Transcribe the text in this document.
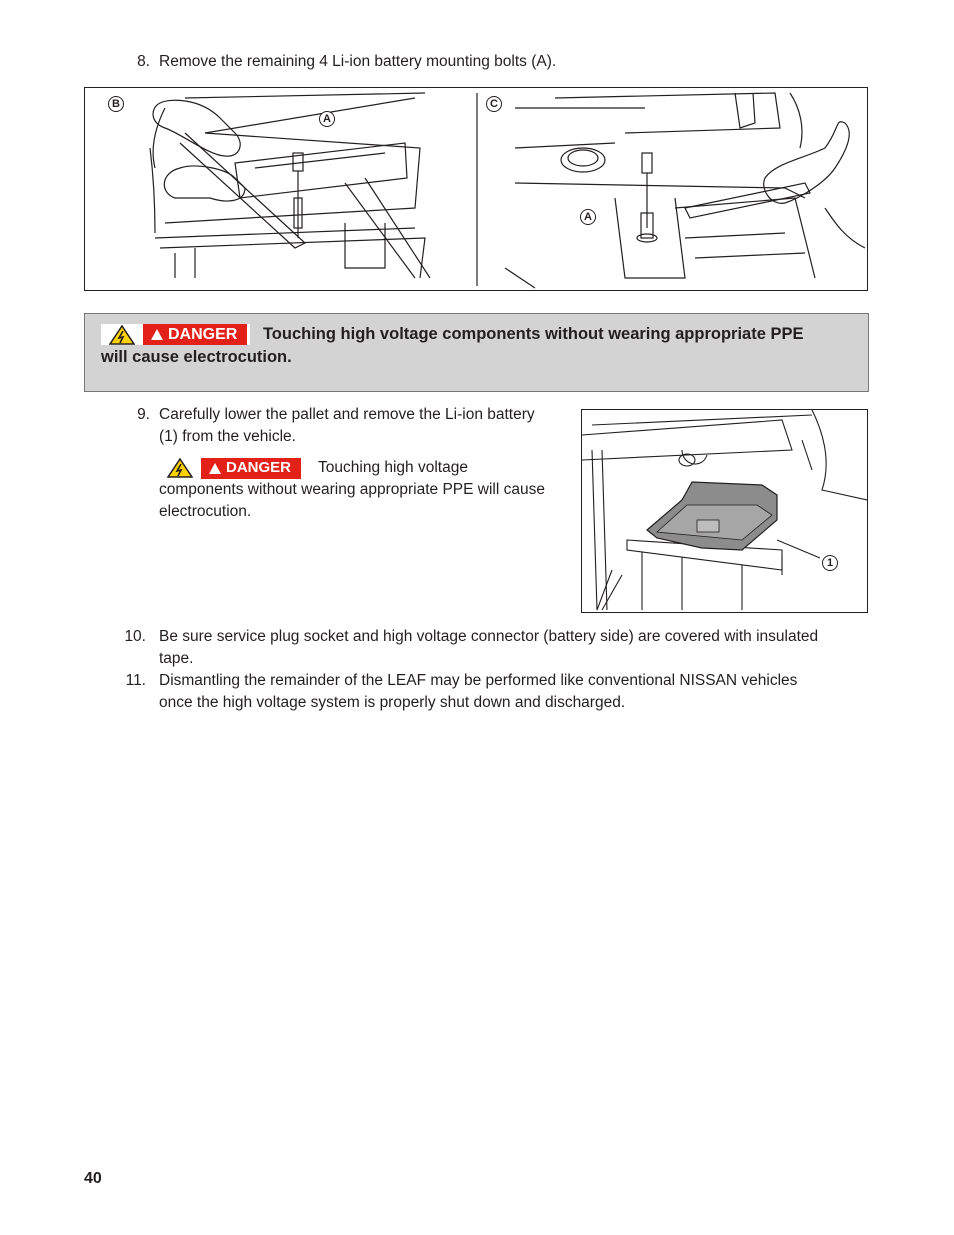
8. Remove the remaining 4 Li-ion battery mounting bolts (A).
B	C
A
A
DANGER Touching high voltage components without wearing appropriate PPE
will cause electrocution.
9. Carefully lower the pallet and remove the Li-ion battery
(1) from the vehicle.
DANGER Touching high voltage
components without wearing appropriate PPE will cause
electrocution.
1
10. Be sure service plug socket and high voltage connector (battery side) are covered with insulated
tape.
11. Dismantling the remainder of the LEAF may be performed like conventional NISSAN vehicles
once the high voltage system is properly shut down and discharged.
40
